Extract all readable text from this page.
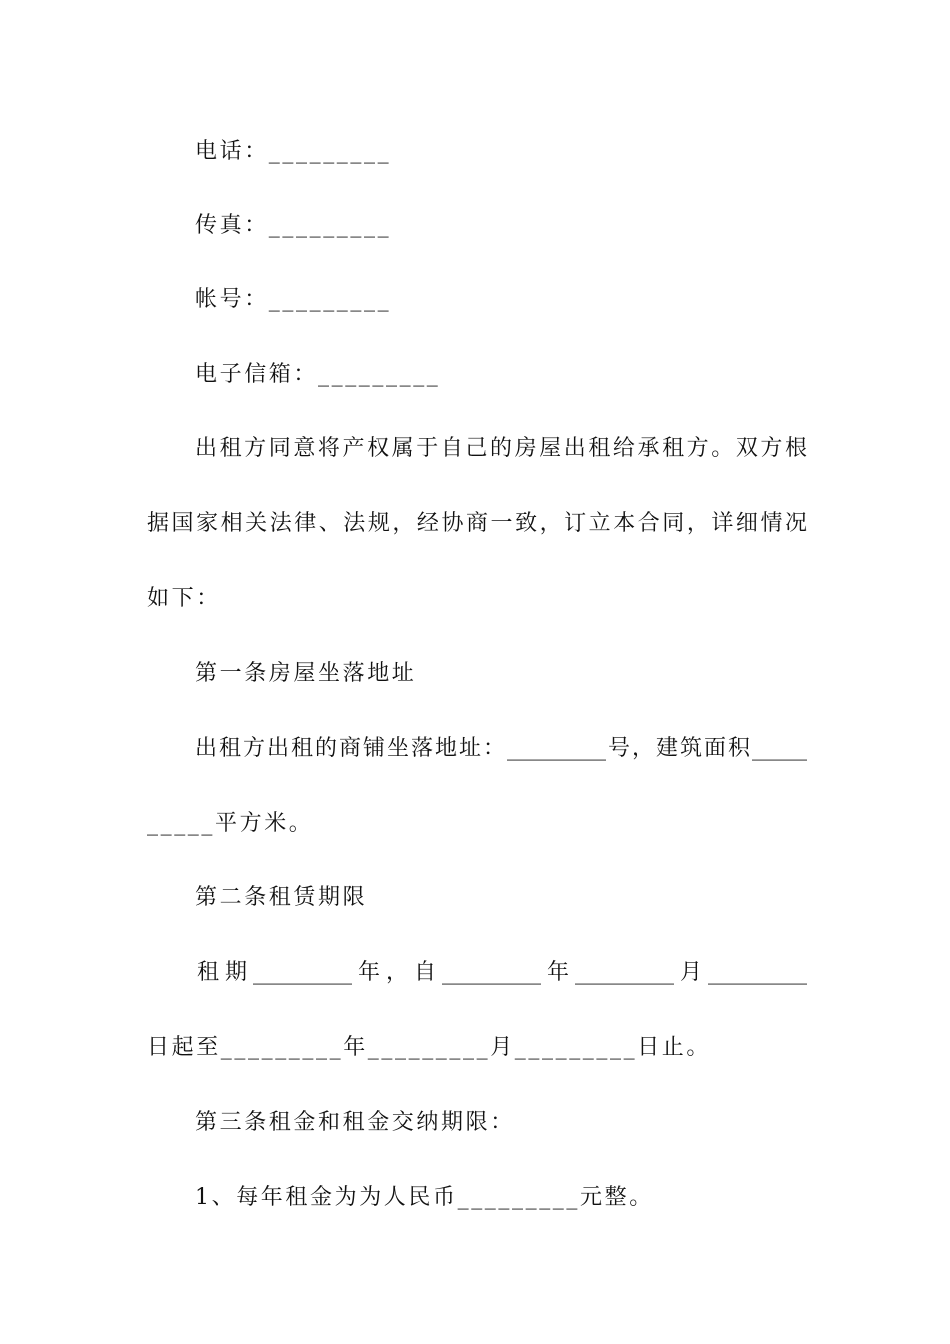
电话：_________
传真：_________
帐号：_________
电子信箱：_________
出租方同意将产权属于自己的房屋出租给承租方。双方根
据国家相关法律、法规，经协商一致，订立本合同，详细情况
如下：
第一条房屋坐落地址
出租方出租的商铺坐落地址：_________号，建筑面积_____
_____平方米。
第二条租赁期限
租期_________年，自_________年_________月_________
日起至_________年_________月_________日止。
第三条租金和租金交纳期限：
1、每年租金为为人民币_________元整。
